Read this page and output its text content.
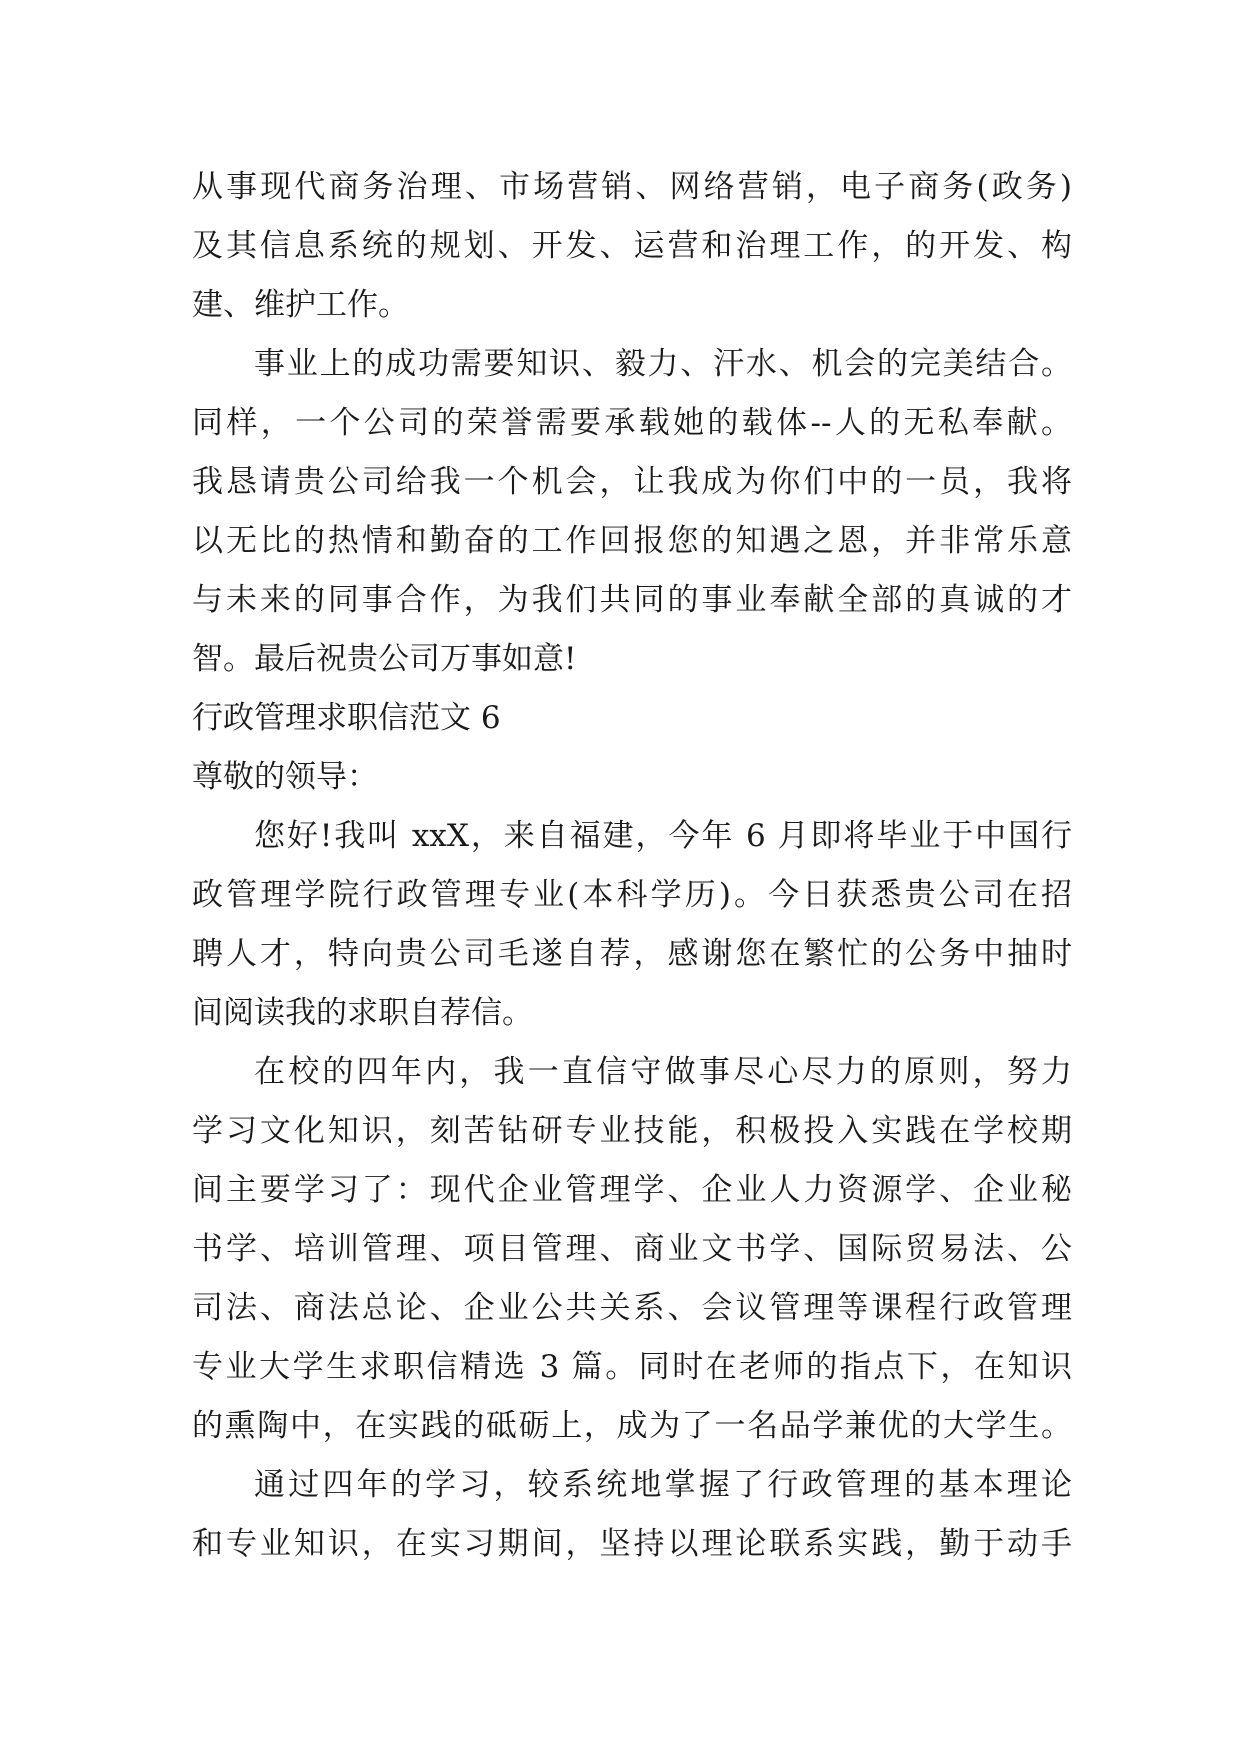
从事现代商务治理、市场营销、网络营销，电子商务(政务)
及其信息系统的规划、开发、运营和治理工作，的开发、构
建、维护工作。
事业上的成功需要知识、毅力、汗水、机会的完美结合。
同样，一个公司的荣誉需要承载她的载体--人的无私奉献。
我恳请贵公司给我一个机会，让我成为你们中的一员，我将
以无比的热情和勤奋的工作回报您的知遇之恩，并非常乐意
与未来的同事合作，为我们共同的事业奉献全部的真诚的才
智。最后祝贵公司万事如意!
行政管理求职信范文 6
尊敬的领导：
您好!我叫 xxX，来自福建，今年 6 月即将毕业于中国行
政管理学院行政管理专业(本科学历)。今日获悉贵公司在招
聘人才，特向贵公司毛遂自荐，感谢您在繁忙的公务中抽时
间阅读我的求职自荐信。
在校的四年内，我一直信守做事尽心尽力的原则，努力
学习文化知识，刻苦钻研专业技能，积极投入实践在学校期
间主要学习了：现代企业管理学、企业人力资源学、企业秘
书学、培训管理、项目管理、商业文书学、国际贸易法、公
司法、商法总论、企业公共关系、会议管理等课程行政管理
专业大学生求职信精选 3 篇。同时在老师的指点下，在知识
的熏陶中，在实践的砥砺上，成为了一名品学兼优的大学生。
通过四年的学习，较系统地掌握了行政管理的基本理论
和专业知识，在实习期间，坚持以理论联系实践，勤于动手
